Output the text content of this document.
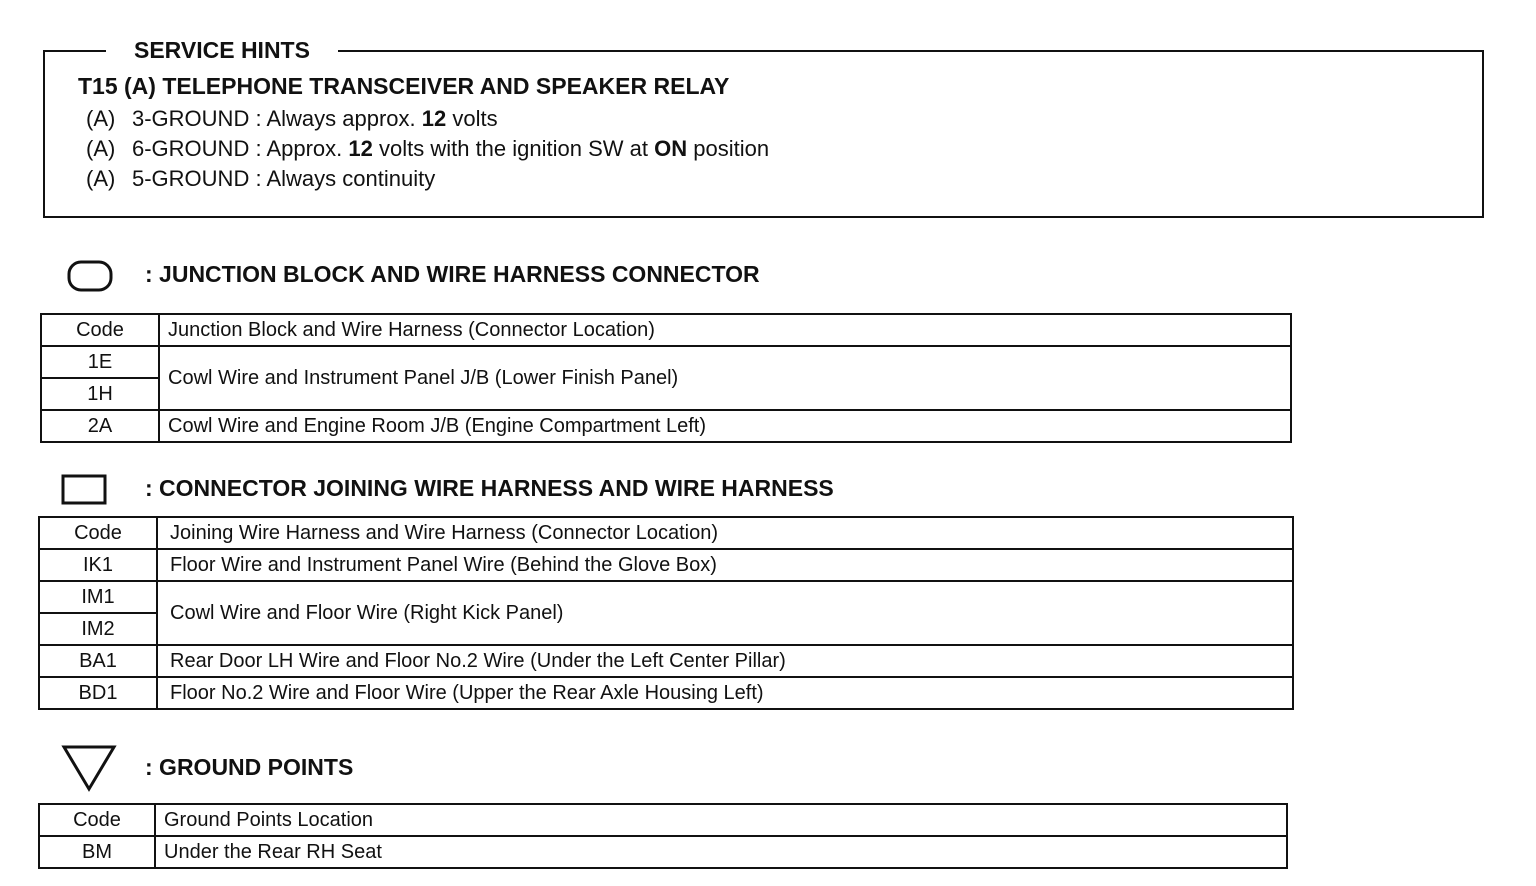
SERVICE HINTS
T15 (A) TELEPHONE TRANSCEIVER AND SPEAKER RELAY
(A) 3-GROUND : Always approx. 12 volts
(A) 6-GROUND : Approx. 12 volts with the ignition SW at ON position
(A) 5-GROUND : Always continuity
: JUNCTION BLOCK AND WIRE HARNESS CONNECTOR
Code	Junction Block and Wire Harness (Connector Location)
1E	Cowl Wire and Instrument Panel J/B (Lower Finish Panel)
1H	
2A	Cowl Wire and Engine Room J/B (Engine Compartment Left)
: CONNECTOR JOINING WIRE HARNESS AND WIRE HARNESS
Code	Joining Wire Harness and Wire Harness (Connector Location)
IK1	Floor Wire and Instrument Panel Wire (Behind the Glove Box)
IM1	Cowl Wire and Floor Wire (Right Kick Panel)
IM2	
BA1	Rear Door LH Wire and Floor No.2 Wire (Under the Left Center Pillar)
BD1	Floor No.2 Wire and Floor Wire (Upper the Rear Axle Housing Left)
: GROUND POINTS
Code	Ground Points Location
BM	Under the Rear RH Seat
